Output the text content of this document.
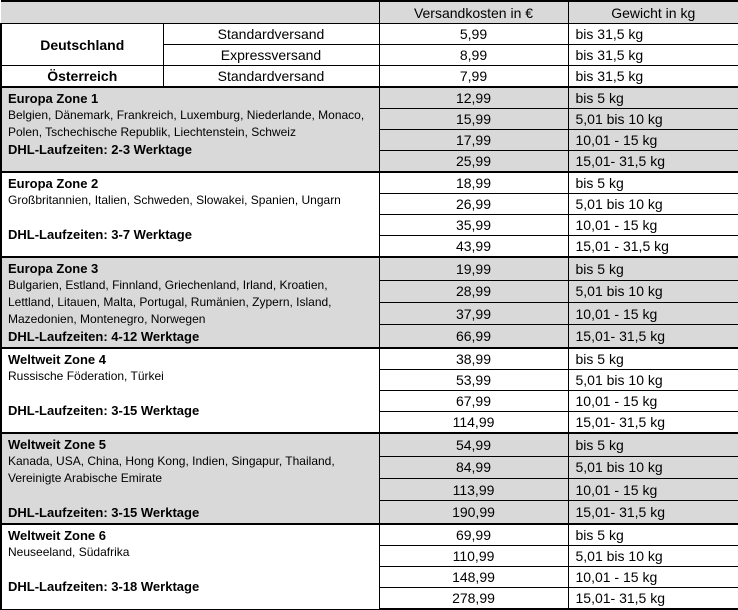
		Versandkosten in €	Gewicht in kg
Deutschland	Standardversand	5,99	bis 31,5 kg
	Expressversand	8,99	bis 31,5 kg
Österreich	Standardversand	7,99	bis 31,5 kg

Europa Zone 1
Belgien, Dänemark, Frankreich, Luxemburg, Niederlande, Monaco, Polen, Tschechische Republik, Liechtenstein, Schweiz
DHL-Laufzeiten: 2-3 Werktage		12,99	bis 5 kg
		15,99	5,01 bis 10 kg
		17,99	10,01 - 15 kg
		25,99	15,01- 31,5 kg

Europa Zone 2
Großbritannien, Italien, Schweden, Slowakei, Spanien, Ungarn
DHL-Laufzeiten: 3-7 Werktage		18,99	bis 5 kg
		26,99	5,01 bis 10 kg
		35,99	10,01 - 15 kg
		43,99	15,01 - 31,5 kg

Europa Zone 3
Bulgarien, Estland, Finnland, Griechenland, Irland, Kroatien, Lettland, Litauen, Malta, Portugal, Rumänien, Zypern, Island, Mazedonien, Montenegro, Norwegen
DHL-Laufzeiten: 4-12 Werktage		19,99	bis 5 kg
		28,99	5,01 bis 10 kg
		37,99	10,01 - 15 kg
		66,99	15,01- 31,5 kg

Weltweit Zone 4
Russische Föderation, Türkei
DHL-Laufzeiten: 3-15 Werktage		38,99	bis 5 kg
		53,99	5,01 bis 10 kg
		67,99	10,01 - 15 kg
		114,99	15,01- 31,5 kg

Weltweit Zone 5
Kanada, USA, China, Hong Kong, Indien, Singapur, Thailand, Vereinigte Arabische Emirate
DHL-Laufzeiten: 3-15 Werktage		54,99	bis 5 kg
		84,99	5,01 bis 10 kg
		113,99	10,01 - 15 kg
		190,99	15,01- 31,5 kg

Weltweit Zone 6
Neuseeland, Südafrika
DHL-Laufzeiten: 3-18 Werktage		69,99	bis 5 kg
		110,99	5,01 bis 10 kg
		148,99	10,01 - 15 kg
		278,99	15,01- 31,5 kg
